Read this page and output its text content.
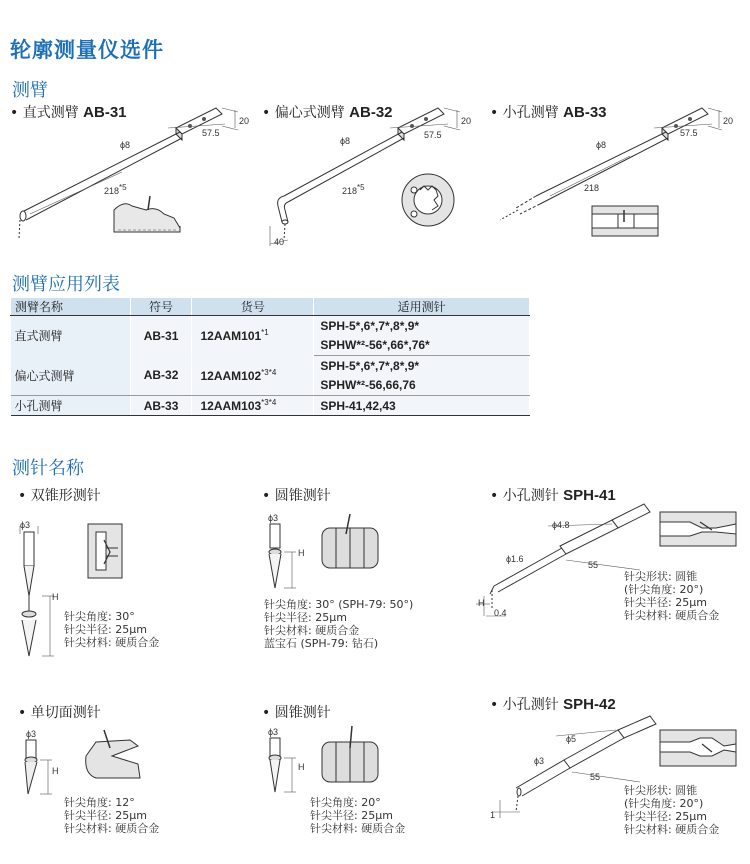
轮廓测量仪选件
测臂
• 直式测臂 AB-31	20
57.5
ϕ8
218$^{*5}$
• 偏心式测臂 AB-32	20
57.5
ϕ8
218$^{*5}$
40
• 小孔测臂 AB-33	20
57.5
ϕ8
218
测臂应用列表
测臂名称	符号	货号	适用测针
直式测臂	AB-31	12AAM101$^{*1}$	SPH-5*,6*,7*,8*,9*
			SPHW*²-56*,66*,76*
偏心式测臂	AB-32	$12AAM102^{*3*4}$	SPH-5*,6*,7*,8*,9*
			SPHW*²-56,66,76
小孔测臂	AB-33	$12AAM103^{*3*4}$	SPH-41,42,43
测针名称
• 双锥形测针
ϕ3
H
针尖角度: 30°
针尖半径: 25µm
针尖材料: 硬质合金
• 圆锥测针
ϕ3
H
针尖角度: 30° (SPH-79: 50°)
针尖半径: 25µm
针尖材料: 硬质合金
蓝宝石 (SPH-79: 钻石)
• 小孔测针 SPH-41
ϕ4.8
ϕ1.6
55
H
0.4
针尖形状: 圆锥
(针尖角度: 20°)
针尖半径: 25µm
针尖材料: 硬质合金
• 单切面测针
ϕ3
H
针尖角度: 12°
针尖半径: 25µm
针尖材料: 硬质合金
• 圆锥测针
ϕ3
H
针尖角度: 20°
针尖半径: 25µm
针尖材料: 硬质合金
• 小孔测针 SPH-42
ϕ5
ϕ3
55
1
针尖形状: 圆锥
(针尖角度: 20°)
针尖半径: 25µm
针尖材料: 硬质合金
